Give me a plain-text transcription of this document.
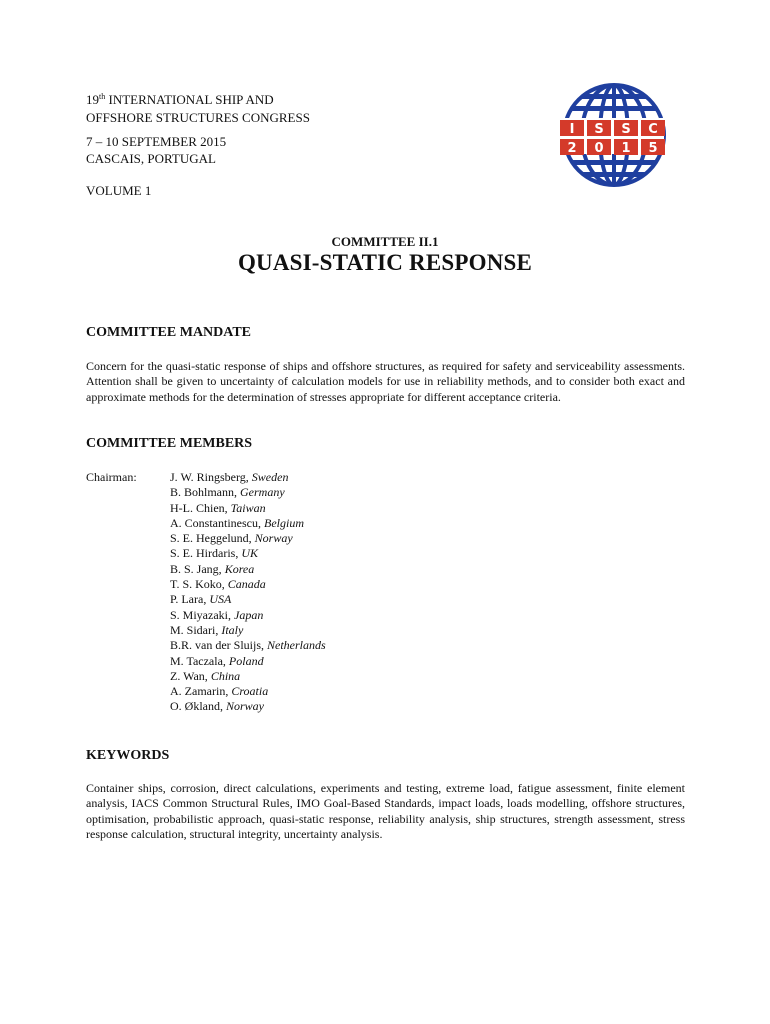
19th INTERNATIONAL SHIP AND
OFFSHORE STRUCTURES CONGRESS
7 – 10 SEPTEMBER 2015
CASCAIS, PORTUGAL
VOLUME 1
I S S C
2 0 1 5
COMMITTEE II.1
QUASI-STATIC RESPONSE
COMMITTEE MANDATE
Concern for the quasi-static response of ships and offshore structures, as required for safety and serviceability assessments. Attention shall be given to uncertainty of calculation models for use in reliability methods, and to consider both exact and approximate methods for the determination of stresses appropriate for different acceptance criteria.
COMMITTEE MEMBERS
Chairman:	J. W. Ringsberg, Sweden
B. Bohlmann, Germany
H-L. Chien, Taiwan
A. Constantinescu, Belgium
S. E. Heggelund, Norway
S. E. Hirdaris, UK
B. S. Jang, Korea
T. S. Koko, Canada
P. Lara, USA
S. Miyazaki, Japan
M. Sidari, Italy
B.R. van der Sluijs, Netherlands
M. Taczala, Poland
Z. Wan, China
A. Zamarin, Croatia
O. Økland, Norway
KEYWORDS
Container ships, corrosion, direct calculations, experiments and testing, extreme load, fatigue assessment, finite element analysis, IACS Common Structural Rules, IMO Goal-Based Standards, impact loads, loads modelling, offshore structures, optimisation, probabilistic approach, quasi-static response, reliability analysis, ship structures, strength assessment, stress response calculation, structural integrity, uncertainty analysis.
